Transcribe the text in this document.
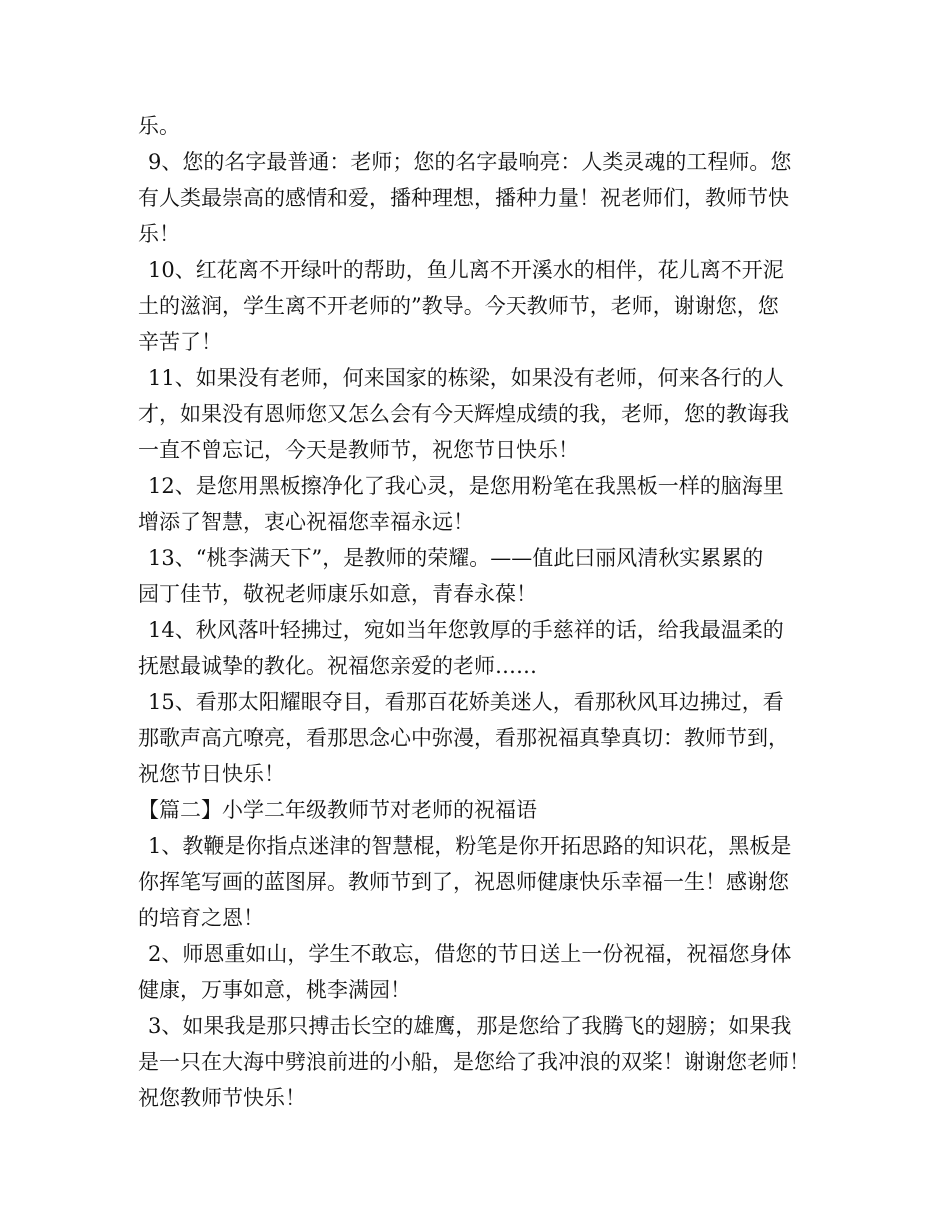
乐。
9、您的名字最普通：老师；您的名字最响亮：人类灵魂的工程师。您
有人类最崇高的感情和爱，播种理想，播种力量！祝老师们，教师节快
乐！
10、红花离不开绿叶的帮助，鱼儿离不开溪水的相伴，花儿离不开泥
土的滋润，学生离不开老师的”教导。今天教师节，老师，谢谢您，您
辛苦了！
11、如果没有老师，何来国家的栋梁，如果没有老师，何来各行的人
才，如果没有恩师您又怎么会有今天辉煌成绩的我，老师，您的教诲我
一直不曾忘记，今天是教师节，祝您节日快乐！
12、是您用黑板擦净化了我心灵，是您用粉笔在我黑板一样的脑海里
增添了智慧，衷心祝福您幸福永远！
13、“桃李满天下”，是教师的荣耀。——值此曰丽风清秋实累累的
园丁佳节，敬祝老师康乐如意，青春永葆！
14、秋风落叶轻拂过，宛如当年您敦厚的手慈祥的话，给我最温柔的
抚慰最诚挚的教化。祝福您亲爱的老师……
15、看那太阳耀眼夺目，看那百花娇美迷人，看那秋风耳边拂过，看
那歌声高亢嘹亮，看那思念心中弥漫，看那祝福真挚真切：教师节到，
祝您节日快乐！
【篇二】小学二年级教师节对老师的祝福语
1、教鞭是你指点迷津的智慧棍，粉笔是你开拓思路的知识花，黑板是
你挥笔写画的蓝图屏。教师节到了，祝恩师健康快乐幸福一生！感谢您
的培育之恩！
2、师恩重如山，学生不敢忘，借您的节日送上一份祝福，祝福您身体
健康，万事如意，桃李满园！
3、如果我是那只搏击长空的雄鹰，那是您给了我腾飞的翅膀；如果我
是一只在大海中劈浪前进的小船，是您给了我冲浪的双桨！谢谢您老师！
祝您教师节快乐！
